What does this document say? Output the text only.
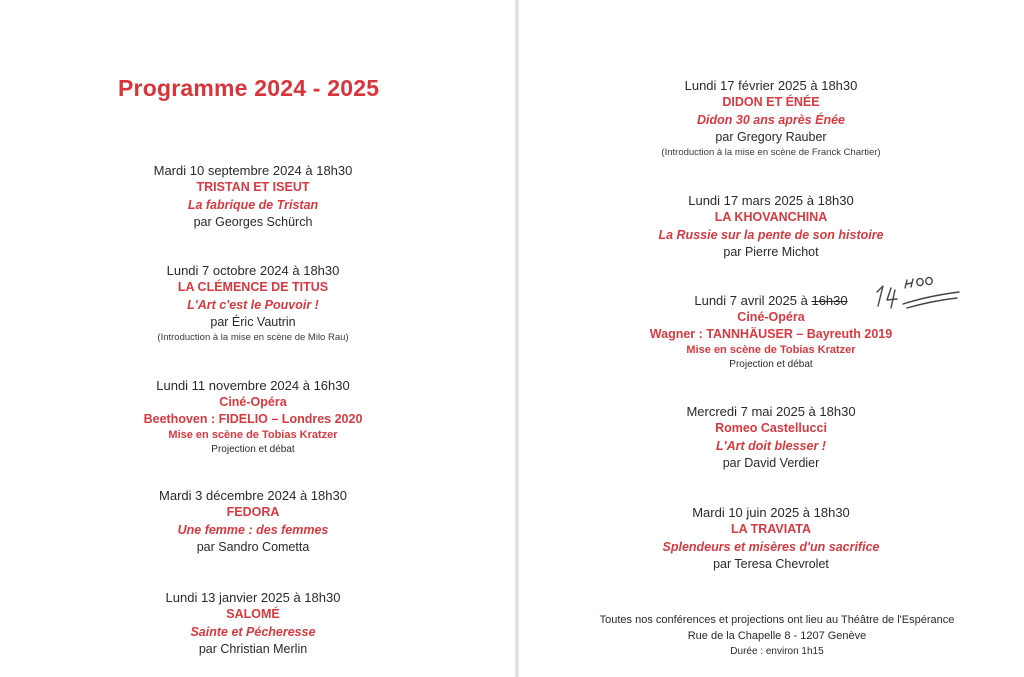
Programme 2024 - 2025
Mardi 10 septembre 2024 à 18h30
TRISTAN ET ISEUT
La fabrique de Tristan
par Georges Schürch
Lundi 7 octobre 2024 à 18h30
LA CLÉMENCE DE TITUS
L'Art c'est le Pouvoir !
par Éric Vautrin
(Introduction à la mise en scène de Milo Rau)
Lundi 11 novembre 2024 à 16h30
Ciné-Opéra
Beethoven : FIDELIO – Londres 2020
Mise en scène de Tobias Kratzer
Projection et débat
Mardi 3 décembre 2024 à 18h30
FEDORA
Une femme : des femmes
par Sandro Cometta
Lundi 13 janvier 2025 à 18h30
SALOMÉ
Sainte et Pécheresse
par Christian Merlin
Lundi 17 février 2025 à 18h30
DIDON ET ÉNÉE
Didon 30 ans après Énée
par Gregory Rauber
(Introduction à la mise en scène de Franck Chartier)
Lundi 17 mars 2025 à 18h30
LA KHOVANCHINA
La Russie sur la pente de son histoire
par Pierre Michot
Lundi 7 avril 2025 à 16h30
Ciné-Opéra
Wagner : TANNHÄUSER – Bayreuth 2019
Mise en scène de Tobias Kratzer
Projection et débat
Mercredi 7 mai 2025 à 18h30
Romeo Castellucci
L'Art doit blesser !
par David Verdier
Mardi 10 juin 2025 à 18h30
LA TRAVIATA
Splendeurs et misères d'un sacrifice
par Teresa Chevrolet
Toutes nos conférences et projections ont lieu au Théâtre de l'Espérance
Rue de la Chapelle 8 - 1207 Genève
Durée : environ 1h15
